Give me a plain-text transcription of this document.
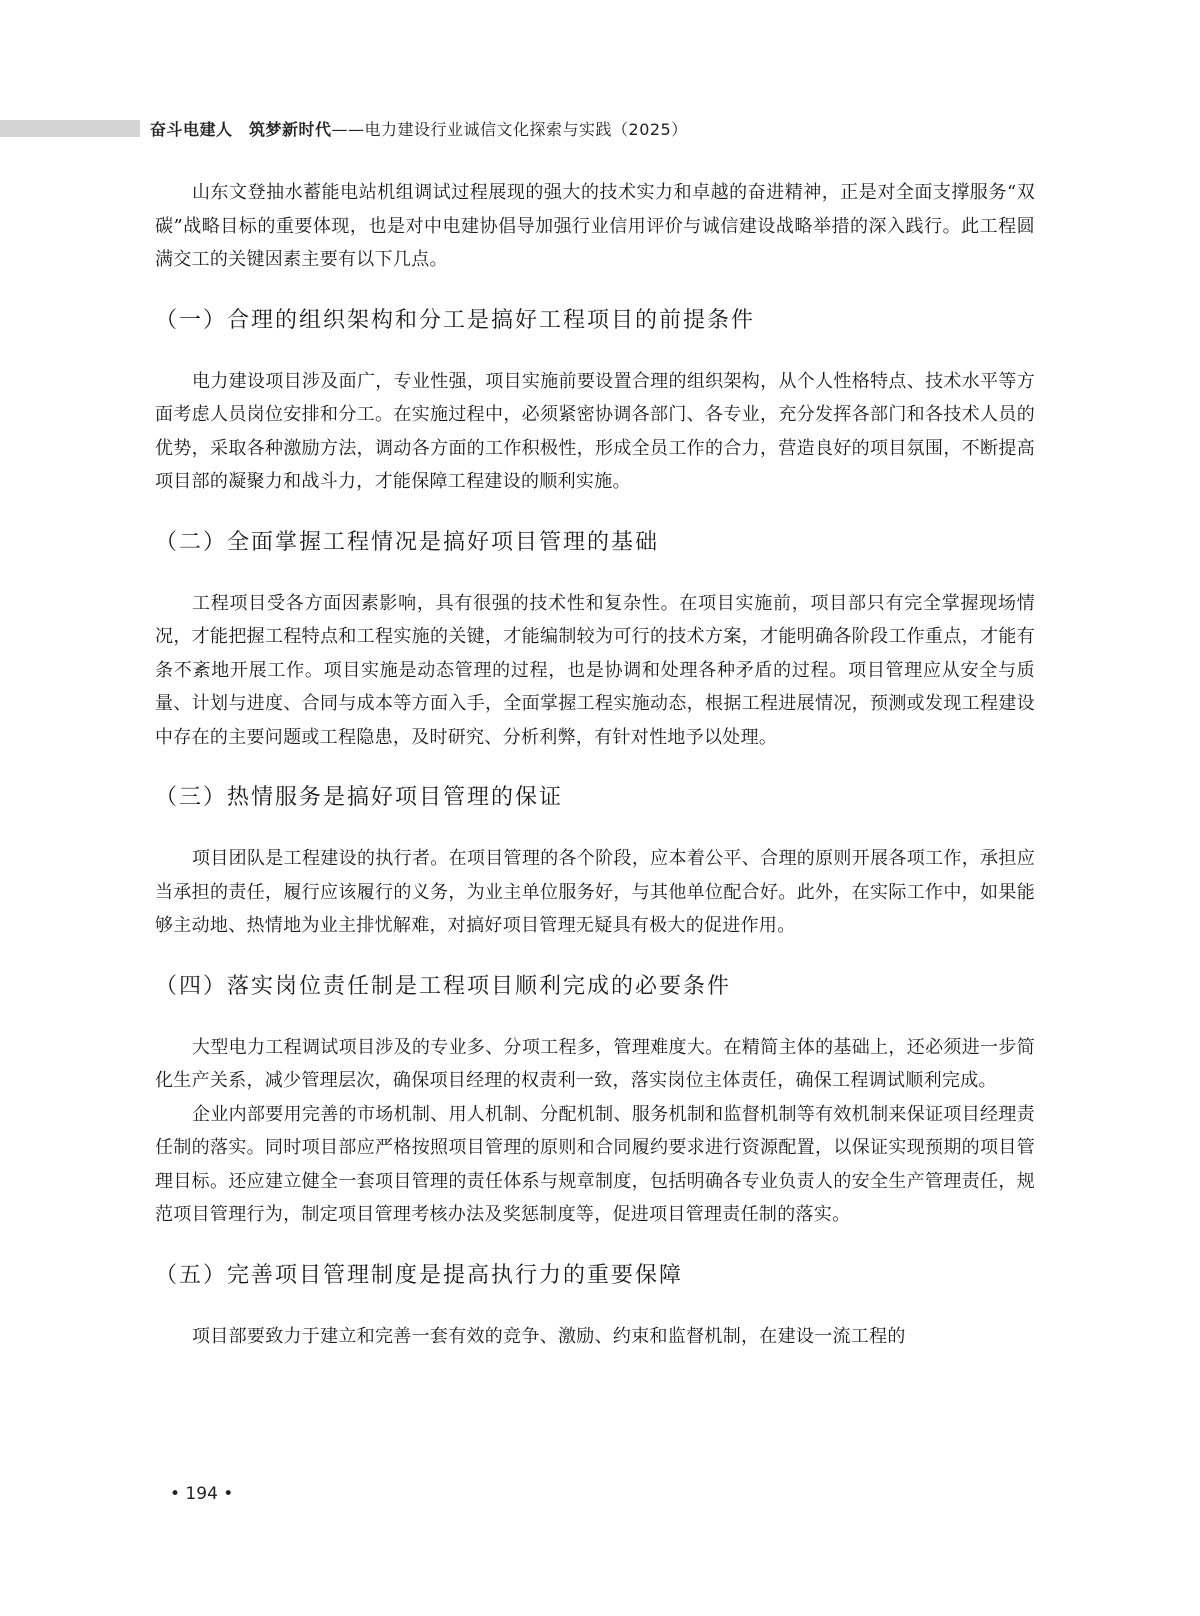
奋斗电建人　筑梦新时代——电力建设行业诚信文化探索与实践（2025）

山东文登抽水蓄能电站机组调试过程展现的强大的技术实力和卓越的奋进精神，正是对全面支撑服务“双碳”战略目标的重要体现，也是对中电建协倡导加强行业信用评价与诚信建设战略举措的深入践行。此工程圆满交工的关键因素主要有以下几点。

（一）合理的组织架构和分工是搞好工程项目的前提条件

电力建设项目涉及面广，专业性强，项目实施前要设置合理的组织架构，从个人性格特点、技术水平等方面考虑人员岗位安排和分工。在实施过程中，必须紧密协调各部门、各专业，充分发挥各部门和各技术人员的优势，采取各种激励方法，调动各方面的工作积极性，形成全员工作的合力，营造良好的项目氛围，不断提高项目部的凝聚力和战斗力，才能保障工程建设的顺利实施。

（二）全面掌握工程情况是搞好项目管理的基础

工程项目受各方面因素影响，具有很强的技术性和复杂性。在项目实施前，项目部只有完全掌握现场情况，才能把握工程特点和工程实施的关键，才能编制较为可行的技术方案，才能明确各阶段工作重点，才能有条不紊地开展工作。项目实施是动态管理的过程，也是协调和处理各种矛盾的过程。项目管理应从安全与质量、计划与进度、合同与成本等方面入手，全面掌握工程实施动态，根据工程进展情况，预测或发现工程建设中存在的主要问题或工程隐患，及时研究、分析利弊，有针对性地予以处理。

（三）热情服务是搞好项目管理的保证

项目团队是工程建设的执行者。在项目管理的各个阶段，应本着公平、合理的原则开展各项工作，承担应当承担的责任，履行应该履行的义务，为业主单位服务好，与其他单位配合好。此外，在实际工作中，如果能够主动地、热情地为业主排忧解难，对搞好项目管理无疑具有极大的促进作用。

（四）落实岗位责任制是工程项目顺利完成的必要条件

大型电力工程调试项目涉及的专业多、分项工程多，管理难度大。在精简主体的基础上，还必须进一步简化生产关系，减少管理层次，确保项目经理的权责利一致，落实岗位主体责任，确保工程调试顺利完成。

企业内部要用完善的市场机制、用人机制、分配机制、服务机制和监督机制等有效机制来保证项目经理责任制的落实。同时项目部应严格按照项目管理的原则和合同履约要求进行资源配置，以保证实现预期的项目管理目标。还应建立健全一套项目管理的责任体系与规章制度，包括明确各专业负责人的安全生产管理责任，规范项目管理行为，制定项目管理考核办法及奖惩制度等，促进项目管理责任制的落实。

（五）完善项目管理制度是提高执行力的重要保障

项目部要致力于建立和完善一套有效的竞争、激励、约束和监督机制，在建设一流工程的

• 194 •
